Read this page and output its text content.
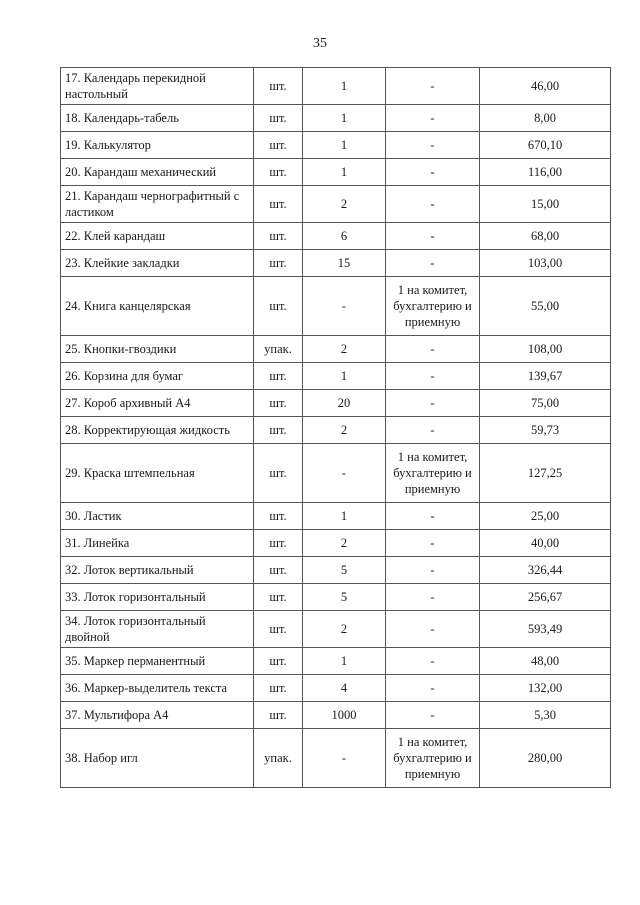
35
17. Календарь перекидной настольный	шт.	1	-	46,00
18. Календарь-табель	шт.	1	-	8,00
19. Калькулятор	шт.	1	-	670,10
20. Карандаш механический	шт.	1	-	116,00
21. Карандаш чернографитный с ластиком	шт.	2	-	15,00
22. Клей карандаш	шт.	6	-	68,00
23. Клейкие закладки	шт.	15	-	103,00
24. Книга канцелярская	шт.	-	1 на комитет, бухгалтерию и приемную	55,00
25. Кнопки-гвоздики	упак.	2	-	108,00
26. Корзина для бумаг	шт.	1	-	139,67
27. Короб архивный А4	шт.	20	-	75,00
28. Корректирующая жидкость	шт.	2	-	59,73
29. Краска штемпельная	шт.	-	1 на комитет, бухгалтерию и приемную	127,25
30. Ластик	шт.	1	-	25,00
31. Линейка	шт.	2	-	40,00
32. Лоток вертикальный	шт.	5	-	326,44
33. Лоток горизонтальный	шт.	5	-	256,67
34. Лоток горизонтальный двойной	шт.	2	-	593,49
35. Маркер перманентный	шт.	1	-	48,00
36. Маркер-выделитель текста	шт.	4	-	132,00
37. Мультифора А4	шт.	1000	-	5,30
38. Набор игл	упак.	-	1 на комитет, бухгалтерию и приемную	280,00
